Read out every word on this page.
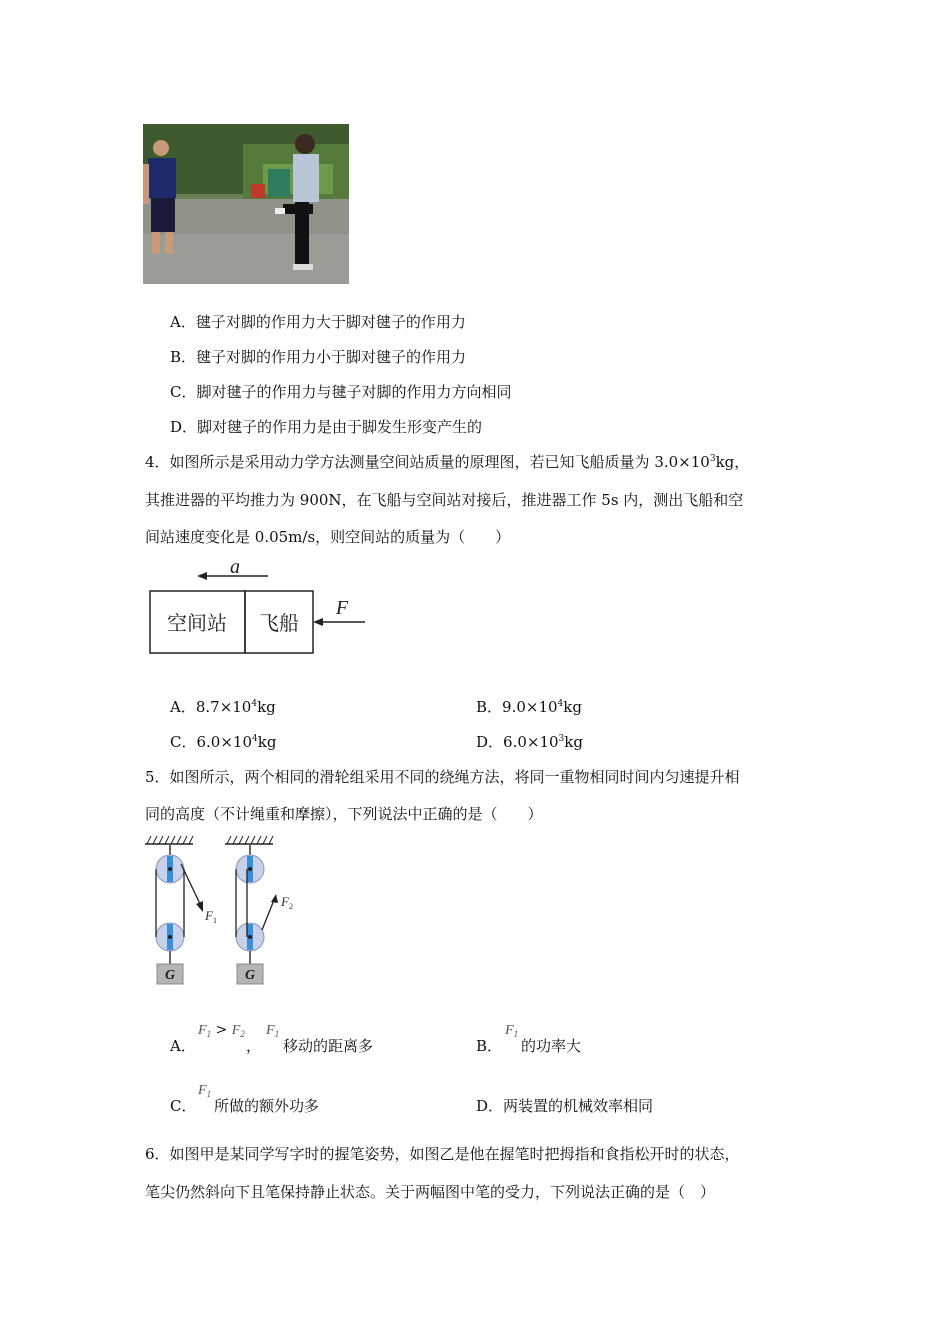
A．毽子对脚的作用力大于脚对毽子的作用力
B．毽子对脚的作用力小于脚对毽子的作用力
C．脚对毽子的作用力与毽子对脚的作用力方向相同
D．脚对毽子的作用力是由于脚发生形变产生的
4．如图所示是采用动力学方法测量空间站质量的原理图，若已知飞船质量为 $3.0\times 10^3kg$，
其推进器的平均推力为 900N，在飞船与空间站对接后，推进器工作 5s 内，测出飞船和空
间站速度变化是 0.05m/s，则空间站的质量为（　　）
空间站 飞船
a
F
A．$8.7\times 10^4kg$	B．$9.0\times 10^4kg$
C．$6.0\times 10^4kg$	D．$6.0\times 10^3kg$
5．如图所示，两个相同的滑轮组采用不同的绕绳方法，将同一重物相同时间内匀速提升相
同的高度（不计绳重和摩擦），下列说法中正确的是（　　）
$F_1$
G
$F_2$
G
A．
$F_1 > F_2$
，
$F_1$
移动的距离多	B．
$F_1$
的功率大
C．
$F_1$
所做的额外功多	D．两装置的机械效率相同
6．如图甲是某同学写字时的握笔姿势，如图乙是他在握笔时把拇指和食指松开时的状态，
笔尖仍然斜向下且笔保持静止状态。关于两幅图中笔的受力，下列说法正确的是（　）
